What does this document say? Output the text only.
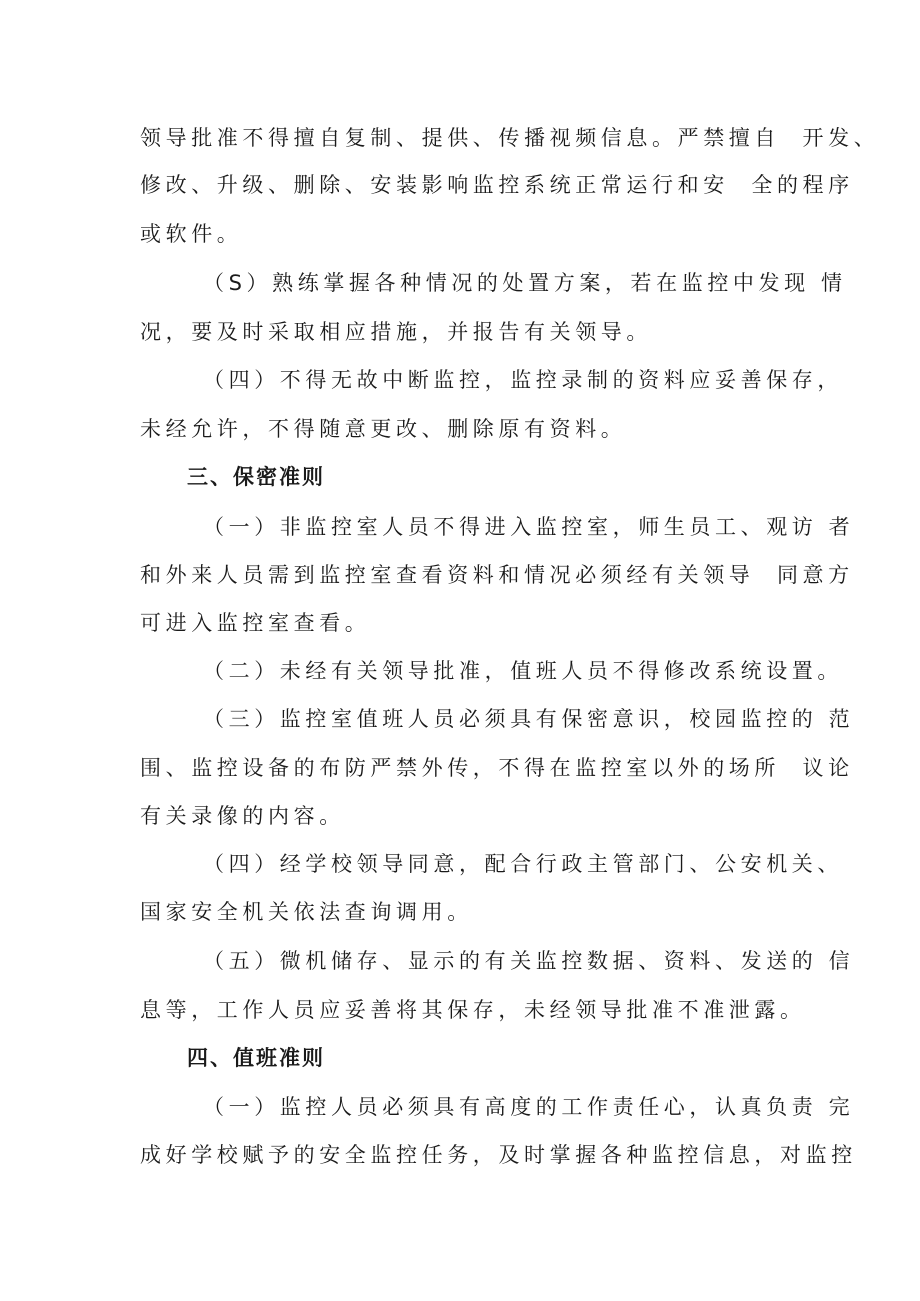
领导批准不得擅自复制、提供、传播视频信息。严禁擅自  开发、
修改、升级、删除、安装影响监控系统正常运行和安  全的程序
或软件。
（S）熟练掌握各种情况的处置方案，若在监控中发现 情
况，要及时采取相应措施，并报告有关领导。
（四）不得无故中断监控，监控录制的资料应妥善保存，
未经允许，不得随意更改、删除原有资料。
三、保密准则
（一）非监控室人员不得进入监控室，师生员工、观访 者
和外来人员需到监控室查看资料和情况必须经有关领导  同意方
可进入监控室查看。
（二）未经有关领导批准，值班人员不得修改系统设置。
（三）监控室值班人员必须具有保密意识，校园监控的 范
围、监控设备的布防严禁外传，不得在监控室以外的场所  议论
有关录像的内容。
（四）经学校领导同意，配合行政主管部门、公安机关、
国家安全机关依法查询调用。
（五）微机储存、显示的有关监控数据、资料、发送的 信
息等，工作人员应妥善将其保存，未经领导批准不准泄露。
四、值班准则
（一）监控人员必须具有高度的工作责任心，认真负责 完
成好学校赋予的安全监控任务，及时掌握各种监控信息，对监控
